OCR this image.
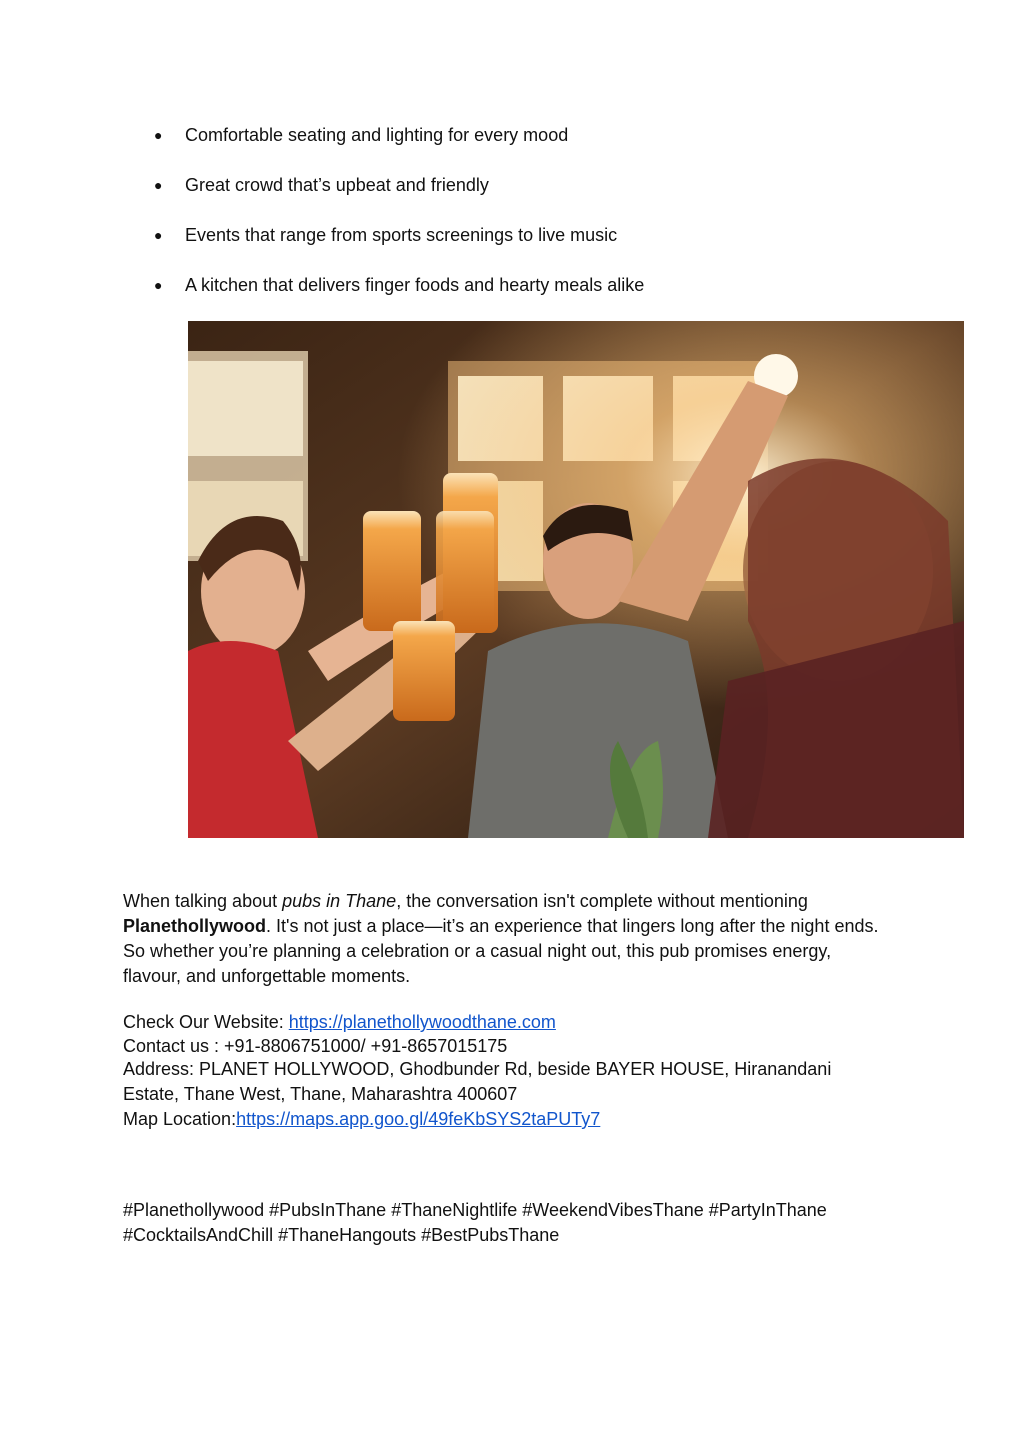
●	Comfortable seating and lighting for every mood
●	Great crowd that’s upbeat and friendly
●	Events that range from sports screenings to live music
●	A kitchen that delivers finger foods and hearty meals alike
When talking about pubs in Thane, the conversation isn't complete without mentioning Planethollywood. It's not just a place—it’s an experience that lingers long after the night ends. So whether you’re planning a celebration or a casual night out, this pub promises energy, flavour, and unforgettable moments.
Check Our Website: https://planethollywoodthane.com
Contact us : +91-8806751000/ +91-8657015175
Address: PLANET HOLLYWOOD, Ghodbunder Rd, beside BAYER HOUSE, Hiranandani
Estate, Thane West, Thane, Maharashtra 400607
Map Location:https://maps.app.goo.gl/49feKbSYS2taPUTy7
#Planethollywood #PubsInThane #ThaneNightlife #WeekendVibesThane #PartyInThane
#CocktailsAndChill #ThaneHangouts #BestPubsThane
